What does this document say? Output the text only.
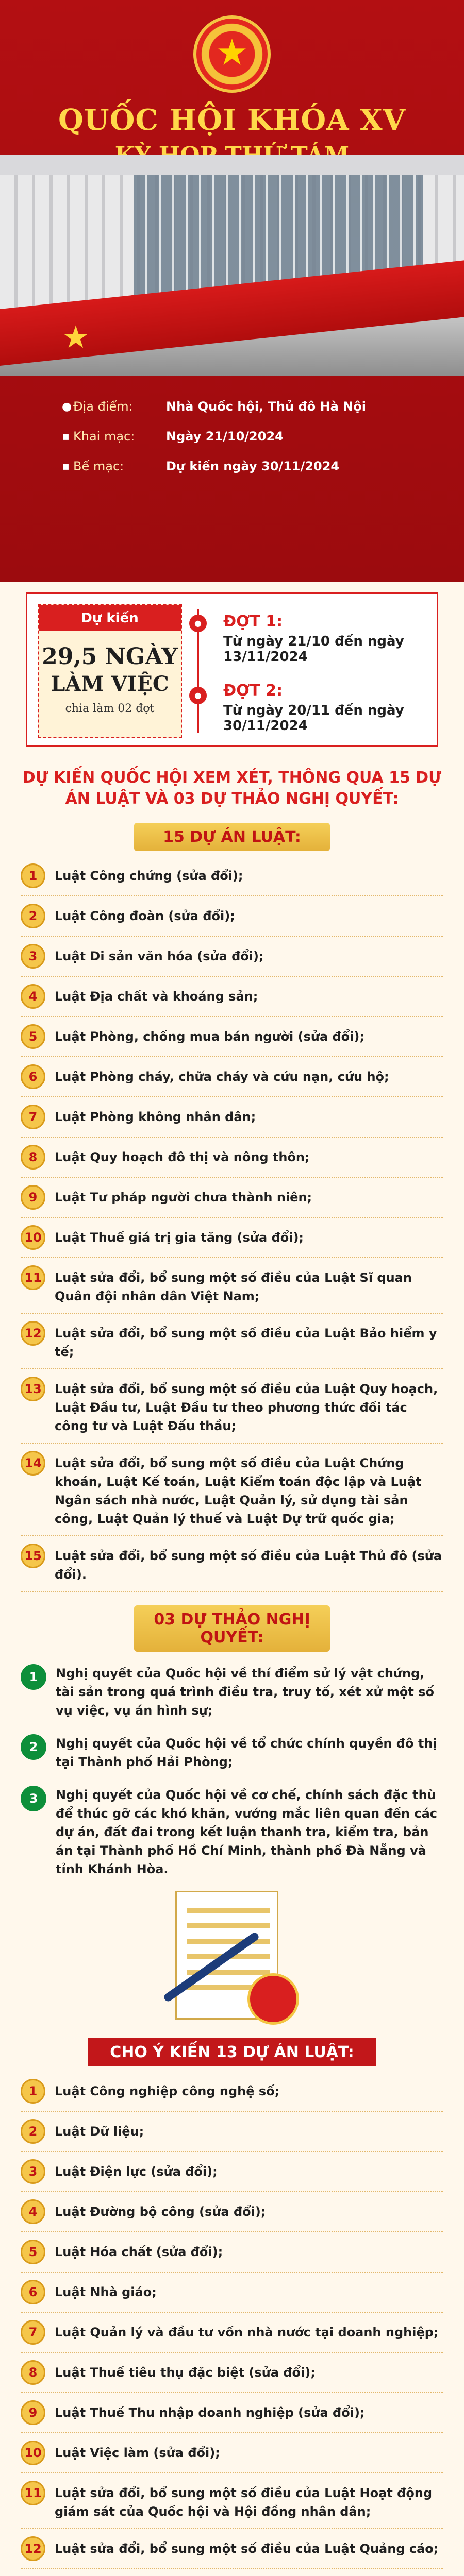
★
QUỐC HỘI KHÓA XV
★
● Địa điểm:	Nhà Quốc hội, Thủ đô Hà Nội
▪ Khai mạc:	Ngày 21/10/2024
▪ Bế mạc:	Dự kiến ngày 30/11/2024
Dự kiến
29,5 NGÀY
LÀM VIỆC
chia làm 02 đợt
●
●
ĐỢT 1:
Từ ngày 21/10 đến ngày 13/11/2024
ĐỢT 2:
Từ ngày 20/11 đến ngày 30/11/2024
DỰ KIẾN QUỐC HỘI XEM XÉT, THÔNG QUA 15 DỰ ÁN LUẬT VÀ 03 DỰ THẢO NGHỊ QUYẾT:
15 DỰ ÁN LUẬT:
1	Luật Công chứng (sửa đổi);
2	Luật Công đoàn (sửa đổi);
3	Luật Di sản văn hóa (sửa đổi);
4	Luật Địa chất và khoáng sản;
5	Luật Phòng, chống mua bán người (sửa đổi);
6	Luật Phòng cháy, chữa cháy và cứu nạn, cứu hộ;
7	Luật Phòng không nhân dân;
8	Luật Quy hoạch đô thị và nông thôn;
9	Luật Tư pháp người chưa thành niên;
10	Luật Thuế giá trị gia tăng (sửa đổi);
11	Luật sửa đổi, bổ sung một số điều của Luật Sĩ quan Quân đội nhân dân Việt Nam;
12	Luật sửa đổi, bổ sung một số điều của Luật Bảo hiểm y tế;
13	Luật sửa đổi, bổ sung một số điều của Luật Quy hoạch, Luật Đầu tư, Luật Đầu tư theo phương thức đối tác công tư và Luật Đấu thầu;
14	Luật sửa đổi, bổ sung một số điều của Luật Chứng khoán, Luật Kế toán, Luật Kiểm toán độc lập và Luật Ngân sách nhà nước, Luật Quản lý, sử dụng tài sản công, Luật Quản lý thuế và Luật Dự trữ quốc gia;
15	Luật sửa đổi, bổ sung một số điều của Luật Thủ đô (sửa đổi).
03 DỰ THẢO NGHỊ QUYẾT:
1	Nghị quyết của Quốc hội về thí điểm sử lý vật chứng, tài sản trong quá trình điều tra, truy tố, xét xử một số vụ việc, vụ án hình sự;
2	Nghị quyết của Quốc hội về tổ chức chính quyền đô thị tại Thành phố Hải Phòng;
3	Nghị quyết của Quốc hội về cơ chế, chính sách đặc thù để thúc gỡ các khó khăn, vướng mắc liên quan đến các dự án, đất đai trong kết luận thanh tra, kiểm tra, bản án tại Thành phố Hồ Chí Minh, thành phố Đà Nẵng và tỉnh Khánh Hòa.
CHO Ý KIẾN 13 DỰ ÁN LUẬT:
1	Luật Công nghiệp công nghệ số;
2	Luật Dữ liệu;
3	Luật Điện lực (sửa đổi);
4	Luật Đường bộ công (sửa đổi);
5	Luật Hóa chất (sửa đổi);
6	Luật Nhà giáo;
7	Luật Quản lý và đầu tư vốn nhà nước tại doanh nghiệp;
8	Luật Thuế tiêu thụ đặc biệt (sửa đổi);
9	Luật Thuế Thu nhập doanh nghiệp (sửa đổi);
10	Luật Việc làm (sửa đổi);
11	Luật sửa đổi, bổ sung một số điều của Luật Hoạt động giám sát của Quốc hội và Hội đồng nhân dân;
12	Luật sửa đổi, bổ sung một số điều của Luật Quảng cáo;
